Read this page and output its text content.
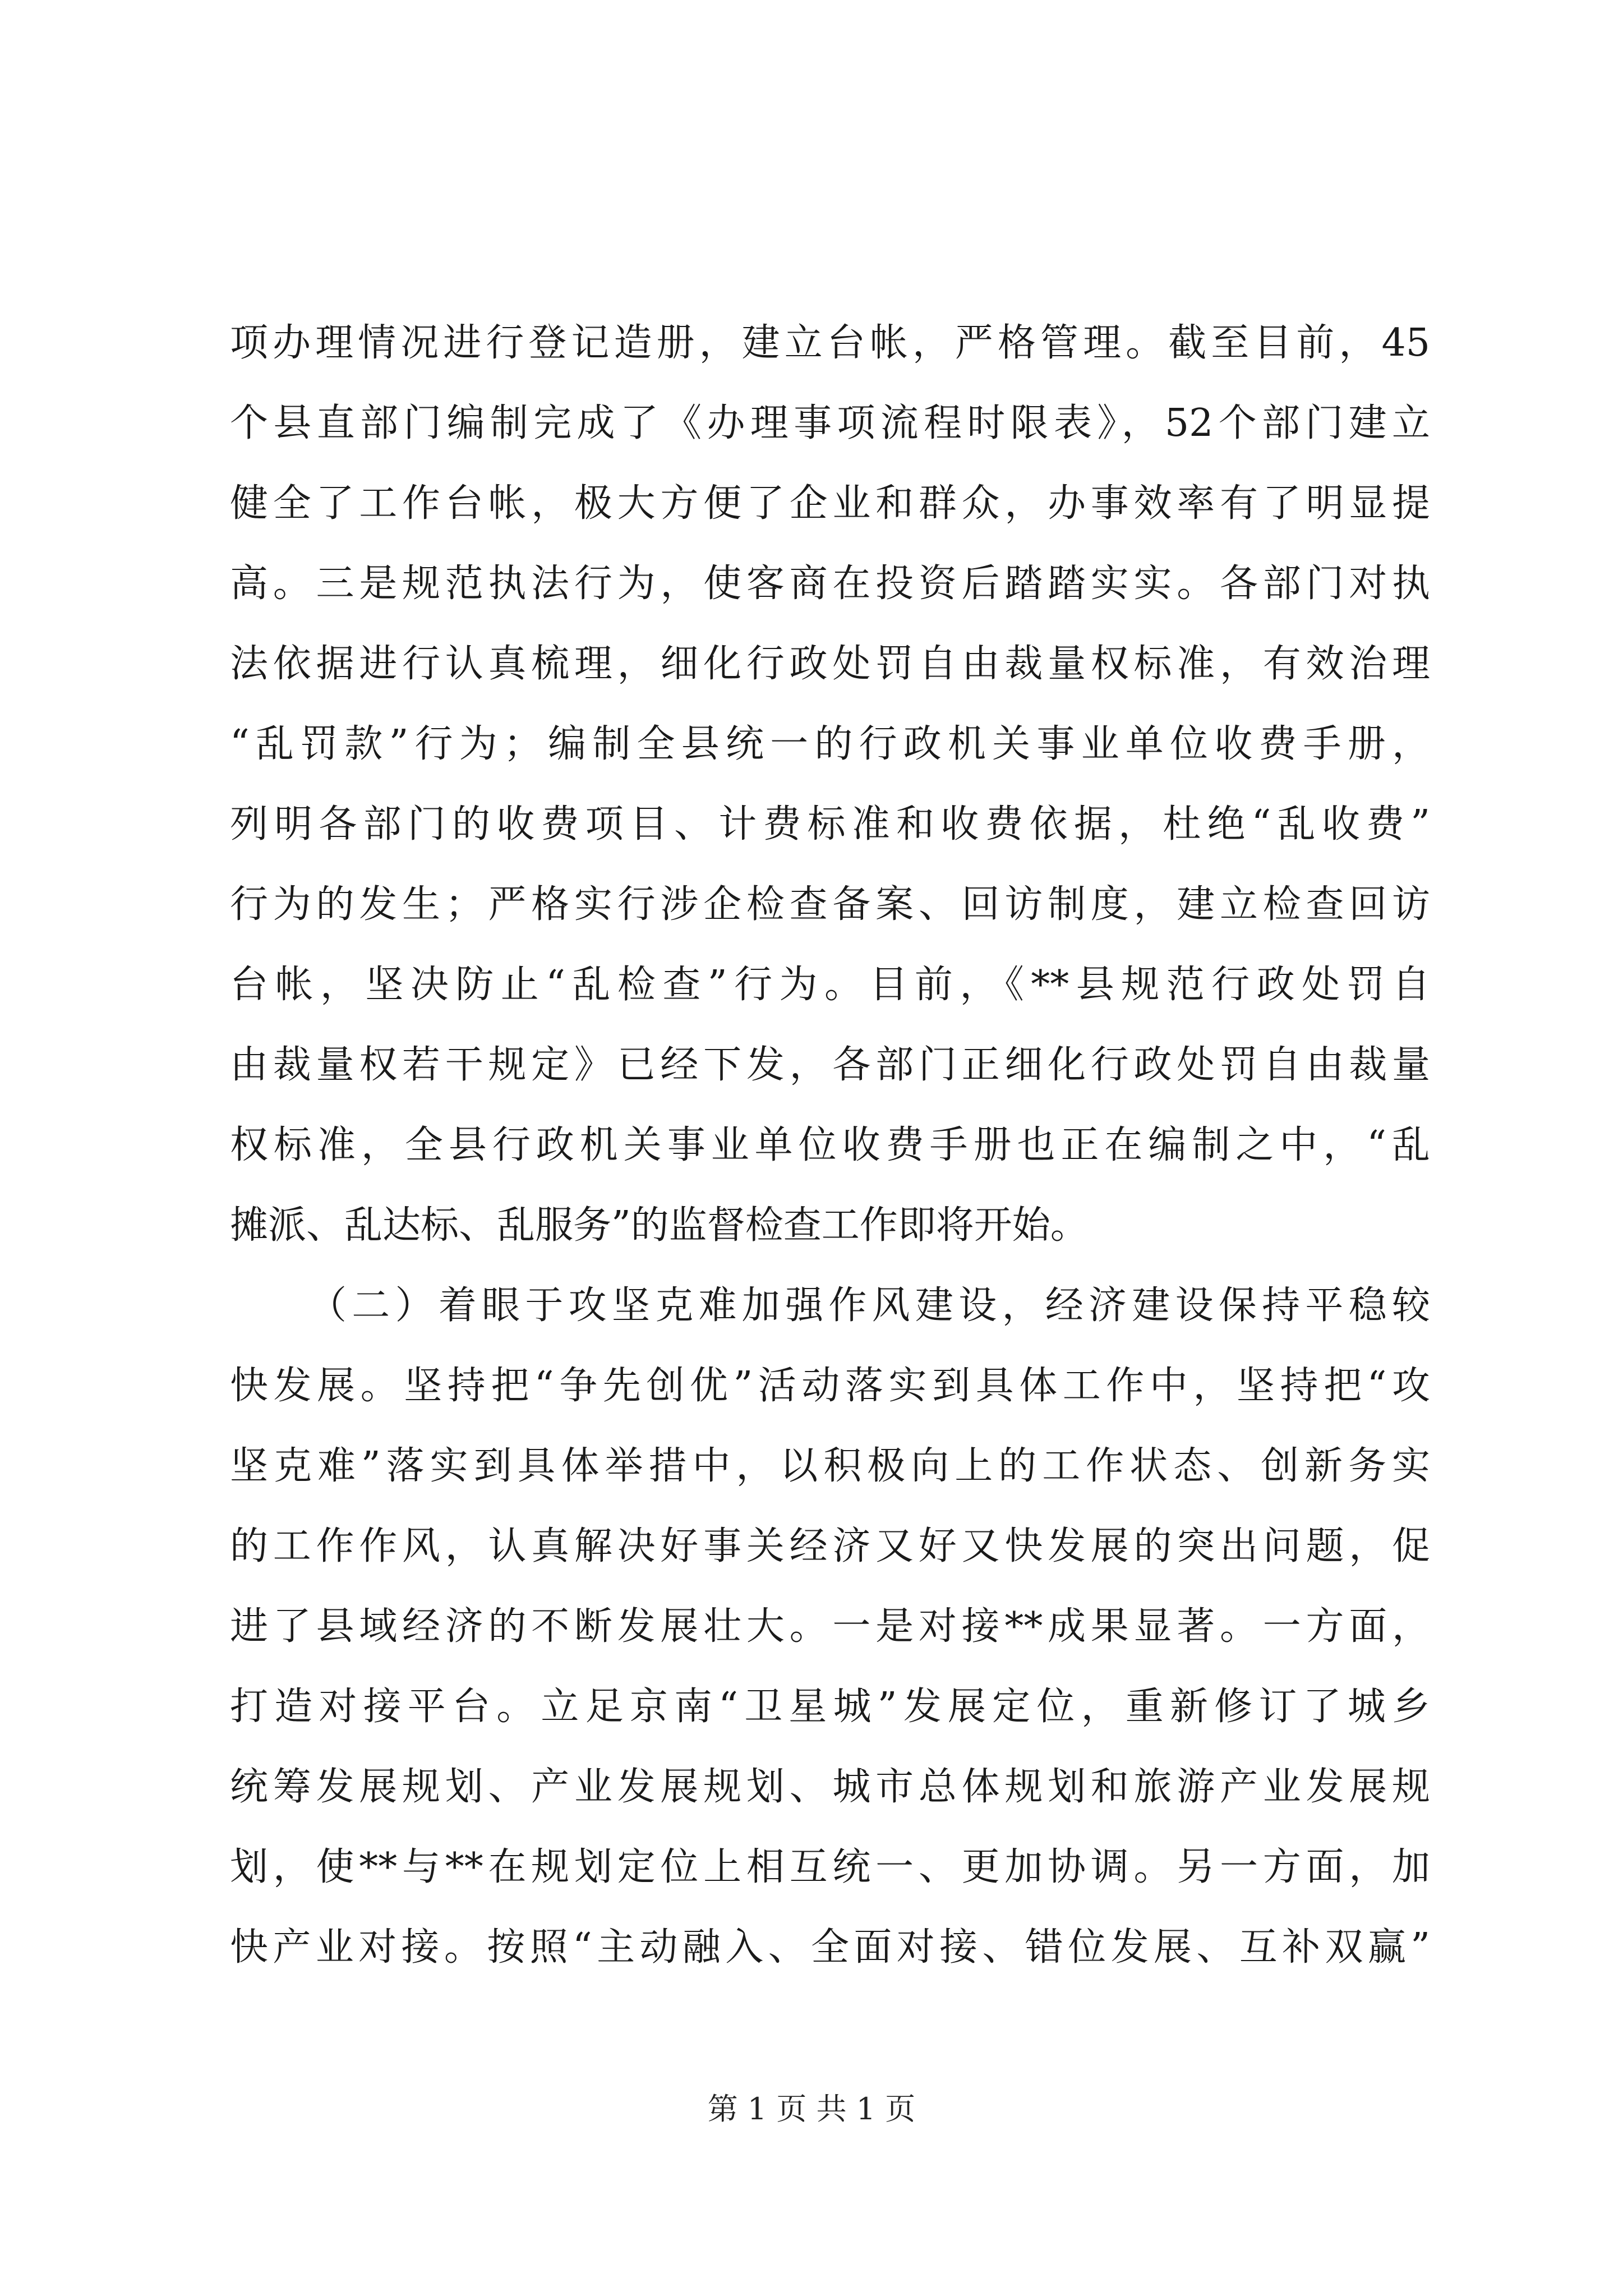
项办理情况进行登记造册，建立台帐，严格管理。截至目前，45
个县直部门编制完成了《办理事项流程时限表》，52个部门建立
健全了工作台帐，极大方便了企业和群众，办事效率有了明显提
高。三是规范执法行为，使客商在投资后踏踏实实。各部门对执
法依据进行认真梳理，细化行政处罚自由裁量权标准，有效治理
“乱罚款”行为；编制全县统一的行政机关事业单位收费手册，
列明各部门的收费项目、计费标准和收费依据，杜绝“乱收费”
行为的发生；严格实行涉企检查备案、回访制度，建立检查回访
台帐，坚决防止“乱检查”行为。目前，《**县规范行政处罚自
由裁量权若干规定》已经下发，各部门正细化行政处罚自由裁量
权标准，全县行政机关事业单位收费手册也正在编制之中，“乱
摊派、乱达标、乱服务”的监督检查工作即将开始。
（二）着眼于攻坚克难加强作风建设，经济建设保持平稳较
快发展。坚持把“争先创优”活动落实到具体工作中，坚持把“攻
坚克难”落实到具体举措中，以积极向上的工作状态、创新务实
的工作作风，认真解决好事关经济又好又快发展的突出问题，促
进了县域经济的不断发展壮大。一是对接**成果显著。一方面，
打造对接平台。立足京南“卫星城”发展定位，重新修订了城乡
统筹发展规划、产业发展规划、城市总体规划和旅游产业发展规
划，使**与**在规划定位上相互统一、更加协调。另一方面，加
快产业对接。按照“主动融入、全面对接、错位发展、互补双赢”
第 1 页 共 1 页
